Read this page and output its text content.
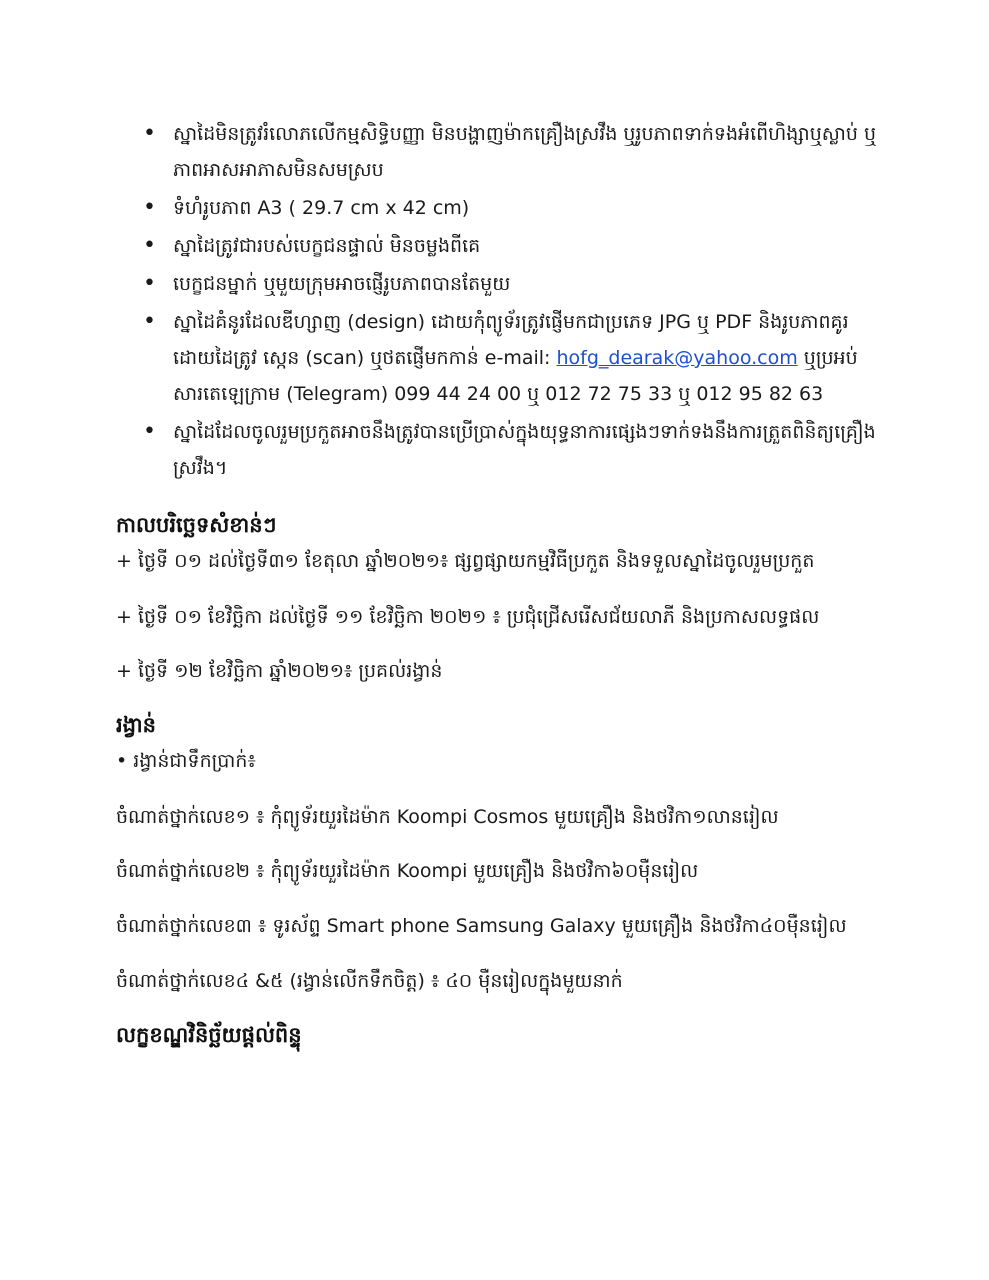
• ស្នាដៃមិនត្រូវរំលោភលើកម្មសិទ្ធិបញ្ញា មិនបង្ហាញម៉ាកគ្រឿងស្រវឹង ឬរូបភាពទាក់ទងអំពើហិង្សាឬស្លាប់ ឬភាពអាសអាភាសមិនសមស្រប
• ទំហំរូបភាព A3 ( 29.7 cm x 42 cm)
• ស្នាដៃត្រូវជារបស់បេក្ខជនផ្ទាល់ មិនចម្លងពីគេ
• បេក្ខជនម្នាក់ ឬមួយក្រុមអាចផ្ញើរូបភាពបានតែមួយ
• ស្នាដៃគំនូរដែលឌីហ្សាញ (design) ដោយកុំព្យូទ័រត្រូវផ្ញើមកជាប្រភេទ JPG ឬ PDF និងរូបភាពគូរដោយដៃត្រូវ ស្កេន (scan) ឬថតផ្ញើមកកាន់ e-mail: hofg_dearak@yahoo.com ឬប្រអប់សារតេឡេក្រាម (Telegram) 099 44 24 00 ឬ 012 72 75 33 ឬ 012 95 82 63
• ស្នាដៃដែលចូលរួមប្រកួតអាចនឹងត្រូវបានប្រើប្រាស់ក្នុងយុទ្ធនាការផ្សេងៗទាក់ទងនឹងការត្រួតពិនិត្យគ្រឿងស្រវឹង។
កាលបរិច្ឆេទសំខាន់ៗ
+ ថ្ងៃទី ០១ ដល់ថ្ងៃទី៣១ ខែតុលា ឆ្នាំ២០២១៖ ផ្សព្វផ្សាយកម្មវិធីប្រកួត និងទទួលស្នាដៃចូលរួមប្រកួត
+ ថ្ងៃទី ០១ ខែវិច្ឆិកា ដល់ថ្ងៃទី ១១ ខែវិច្ឆិកា ២០២១ ៖ ប្រជុំជ្រើសរើសជ័យលាភី និងប្រកាសលទ្ធផល
+ ថ្ងៃទី ១២ ខែវិច្ឆិកា ឆ្នាំ២០២១៖ ប្រគល់រង្វាន់
រង្វាន់
• រង្វាន់ជាទឹកប្រាក់៖
ចំណាត់ថ្នាក់លេខ១ ៖ កុំព្យូទ័រយួរដៃម៉ាក Koompi Cosmos មួយគ្រឿង និងថវិកា១លានរៀល
ចំណាត់ថ្នាក់លេខ២ ៖ កុំព្យូទ័រយួរដៃម៉ាក Koompi មួយគ្រឿង និងថវិកា៦០ម៉ឺនរៀល
ចំណាត់ថ្នាក់លេខ៣ ៖ ទូរស័ព្ទ Smart phone Samsung Galaxy មួយគ្រឿង និងថវិកា៤០ម៉ឺនរៀល
ចំណាត់ថ្នាក់លេខ៤ &៥ (រង្វាន់លើកទឹកចិត្ត) ៖ ៤០ ម៉ឺនរៀលក្នុងមួយនាក់
លក្ខខណ្ឌវិនិច្ឆ័យផ្តល់ពិន្ទុ
